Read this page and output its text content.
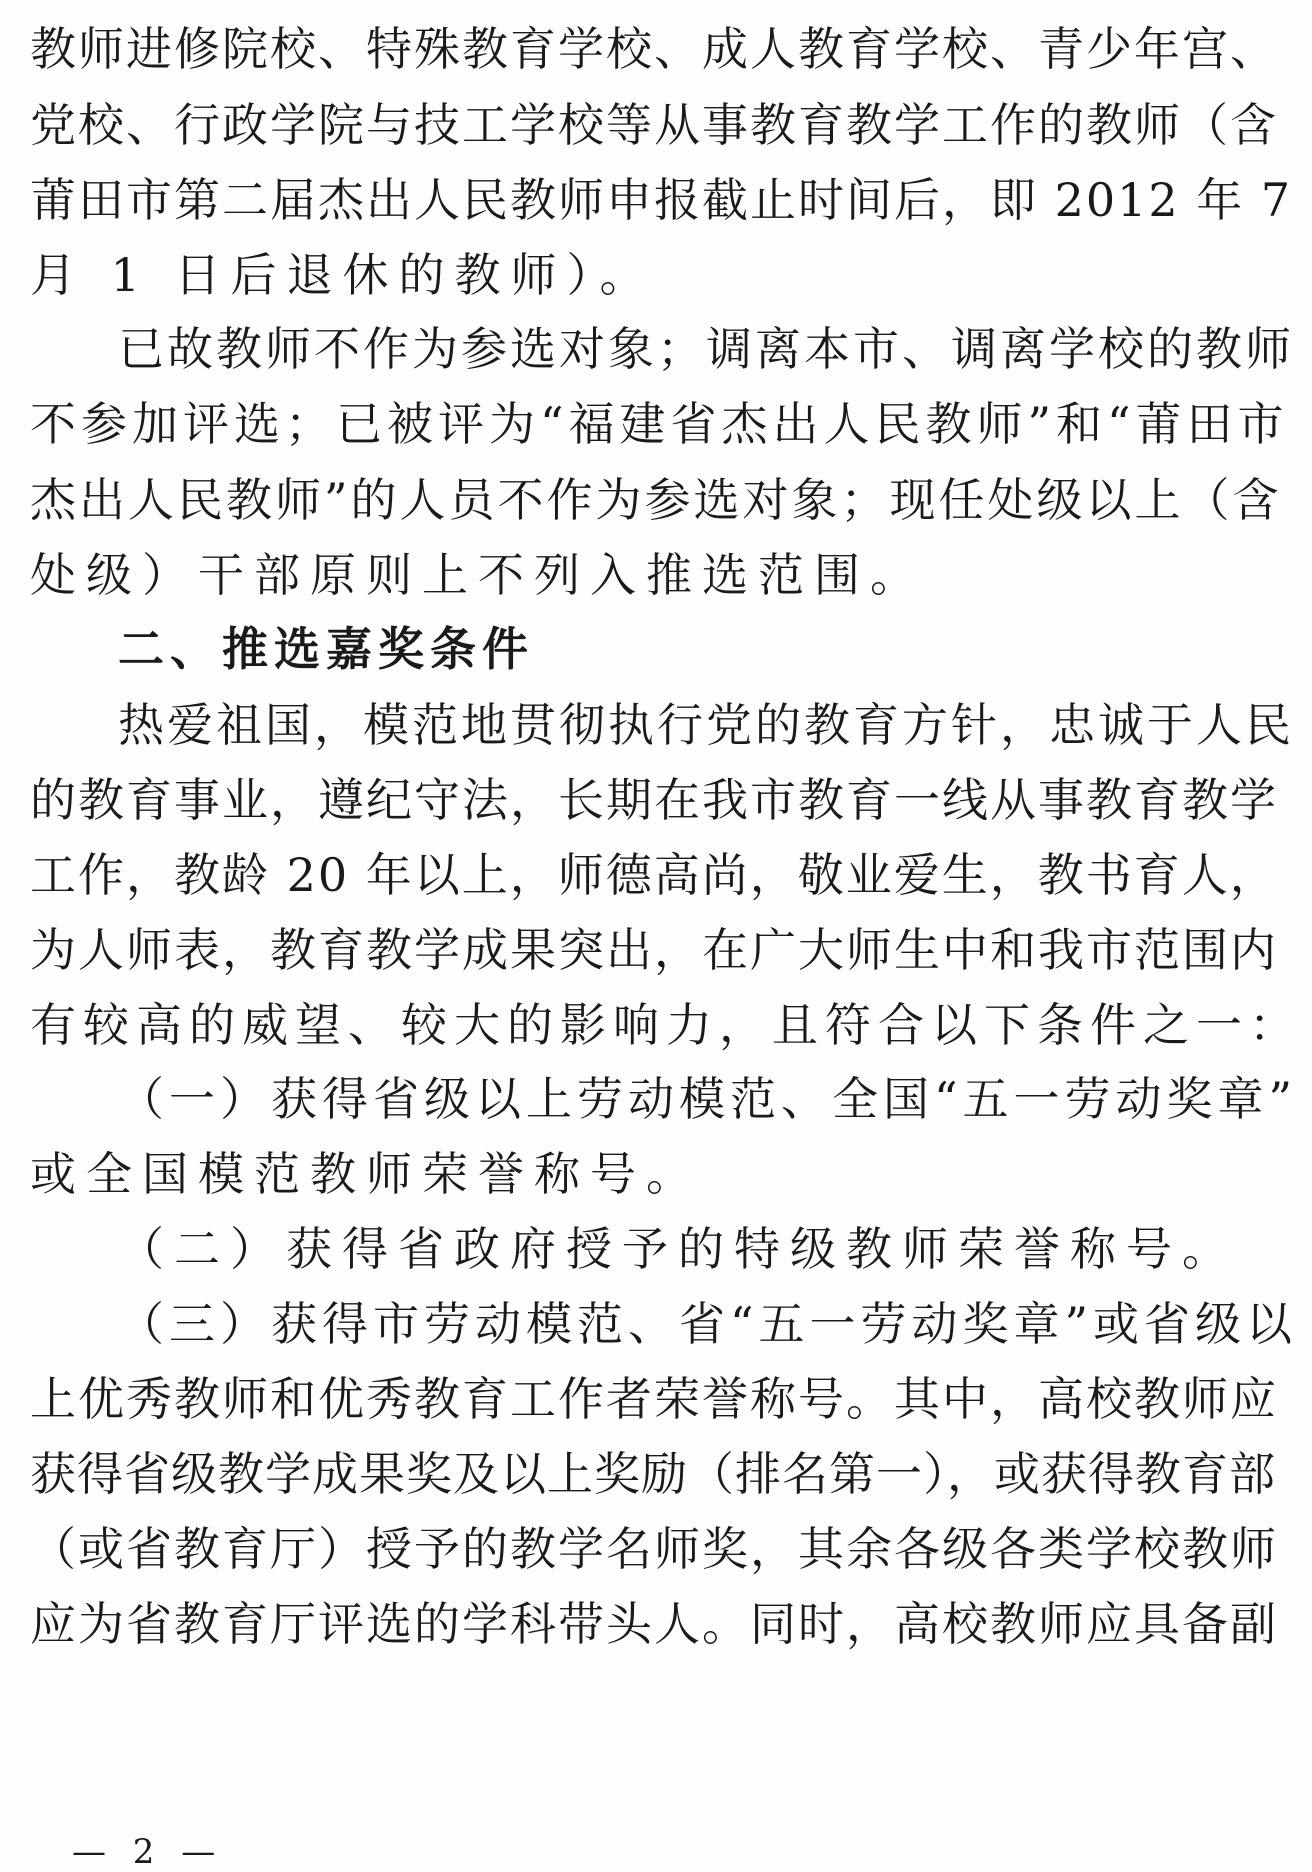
教师进修院校、特殊教育学校、成人教育学校、青少年宫、
党校、行政学院与技工学校等从事教育教学工作的教师（含
莆田市第二届杰出人民教师申报截止时间后，即 2012 年 7
月 1 日后退休的教师）。
已故教师不作为参选对象；调离本市、调离学校的教师
不参加评选；已被评为“福建省杰出人民教师”和“莆田市
杰出人民教师”的人员不作为参选对象；现任处级以上（含
处级）干部原则上不列入推选范围。
二、推选嘉奖条件
热爱祖国，模范地贯彻执行党的教育方针，忠诚于人民
的教育事业，遵纪守法，长期在我市教育一线从事教育教学
工作，教龄 20 年以上，师德高尚，敬业爱生，教书育人，
为人师表，教育教学成果突出，在广大师生中和我市范围内
有较高的威望、较大的影响力，且符合以下条件之一：
（一）获得省级以上劳动模范、全国“五一劳动奖章”
或全国模范教师荣誉称号。
（二）获得省政府授予的特级教师荣誉称号。
（三）获得市劳动模范、省“五一劳动奖章”或省级以
上优秀教师和优秀教育工作者荣誉称号。其中，高校教师应
获得省级教学成果奖及以上奖励（排名第一），或获得教育部
（或省教育厅）授予的教学名师奖，其余各级各类学校教师
应为省教育厅评选的学科带头人。同时，高校教师应具备副
— 2 —
